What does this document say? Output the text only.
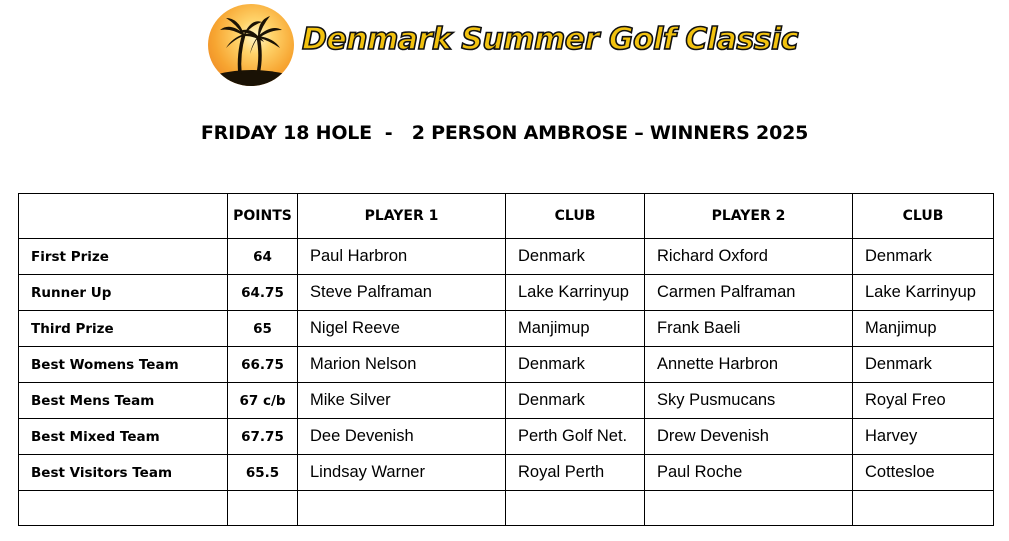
Denmark Summer Golf Classic
FRIDAY 18 HOLE  -   2 PERSON AMBROSE – WINNERS 2025
	POINTS	PLAYER 1	CLUB	PLAYER 2	CLUB
First Prize	64	Paul Harbron	Denmark	Richard Oxford	Denmark
Runner Up	64.75	Steve Palframan	Lake Karrinyup	Carmen Palframan	Lake Karrinyup
Third Prize	65	Nigel Reeve	Manjimup	Frank Baeli	Manjimup
Best Womens Team	66.75	Marion Nelson	Denmark	Annette Harbron	Denmark
Best Mens Team	67 c/b	Mike Silver	Denmark	Sky Pusmucans	Royal Freo
Best Mixed Team	67.75	Dee Devenish	Perth Golf Net.	Drew Devenish	Harvey
Best Visitors Team	65.5	Lindsay Warner	Royal Perth	Paul Roche	Cottesloe
